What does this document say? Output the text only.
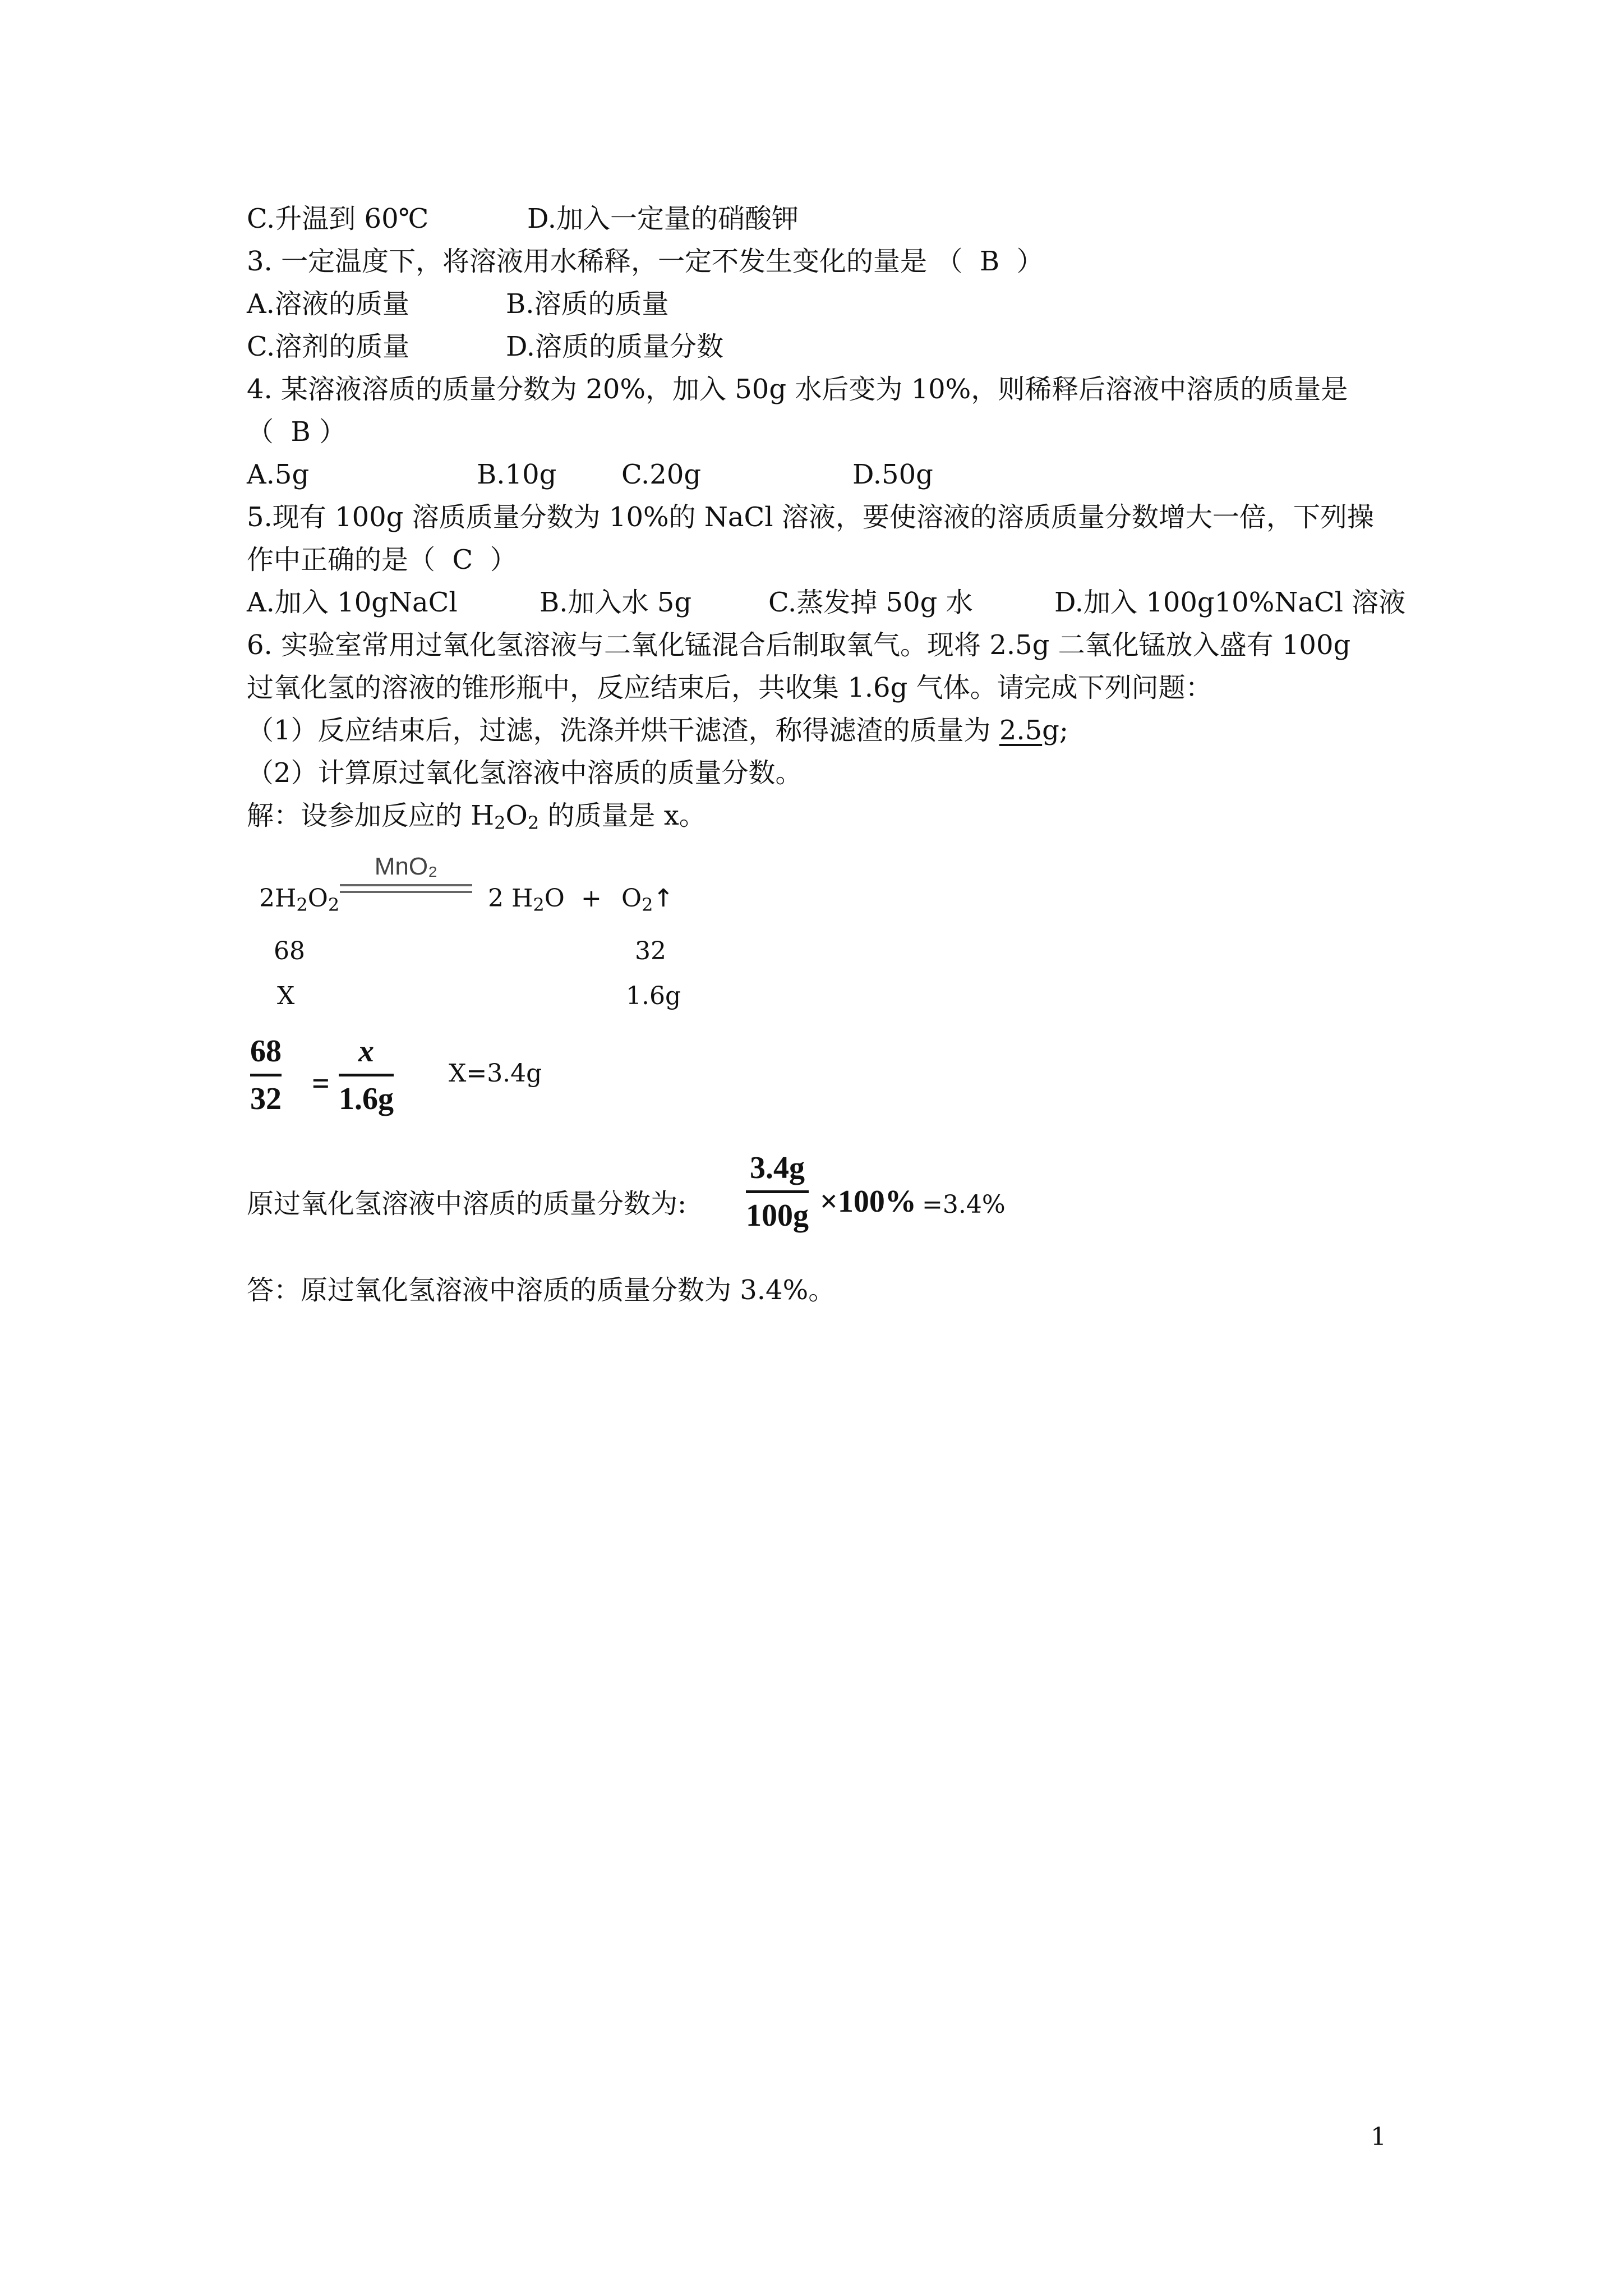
C.升温到 60℃	D.加入一定量的硝酸钾
3. 一定温度下，将溶液用水稀释，一定不发生变化的量是 （  B  ）
A.溶液的质量	B.溶质的质量
C.溶剂的质量	D.溶质的质量分数
4. 某溶液溶质的质量分数为 20%，加入 50g 水后变为 10%，则稀释后溶液中溶质的质量是
（  B ）
A.5g	B.10g C.20g	D.50g
5.现有 100g 溶质质量分数为 10%的 NaCl 溶液，要使溶液的溶质质量分数增大一倍，下列操
作中正确的是（  C  ）
A.加入 10gNaCl	B.加入水 5g	C.蒸发掉 50g 水	D.加入 100g10%NaCl 溶液
6. 实验室常用过氧化氢溶液与二氧化锰混合后制取氧气。现将 2.5g 二氧化锰放入盛有 100g
过氧化氢的溶液的锥形瓶中，反应结束后，共收集 1.6g 气体。请完成下列问题：
（1）反应结束后，过滤，洗涤并烘干滤渣，称得滤渣的质量为 2.5g;
（2）计算原过氧化氢溶液中溶质的质量分数。
解：设参加反应的 $H_2O_2$ 的质量是 x。
$2H_2O_2$
MnO₂
2 $H_2O$ + $O_2↑$
68	32
X	1.6g
68
32 =
x
1.6g
X=3.4g
原过氧化氢溶液中溶质的质量分数为:
3.4g
100g ×100% =3.4%
答：原过氧化氢溶液中溶质的质量分数为 3.4%。
1
